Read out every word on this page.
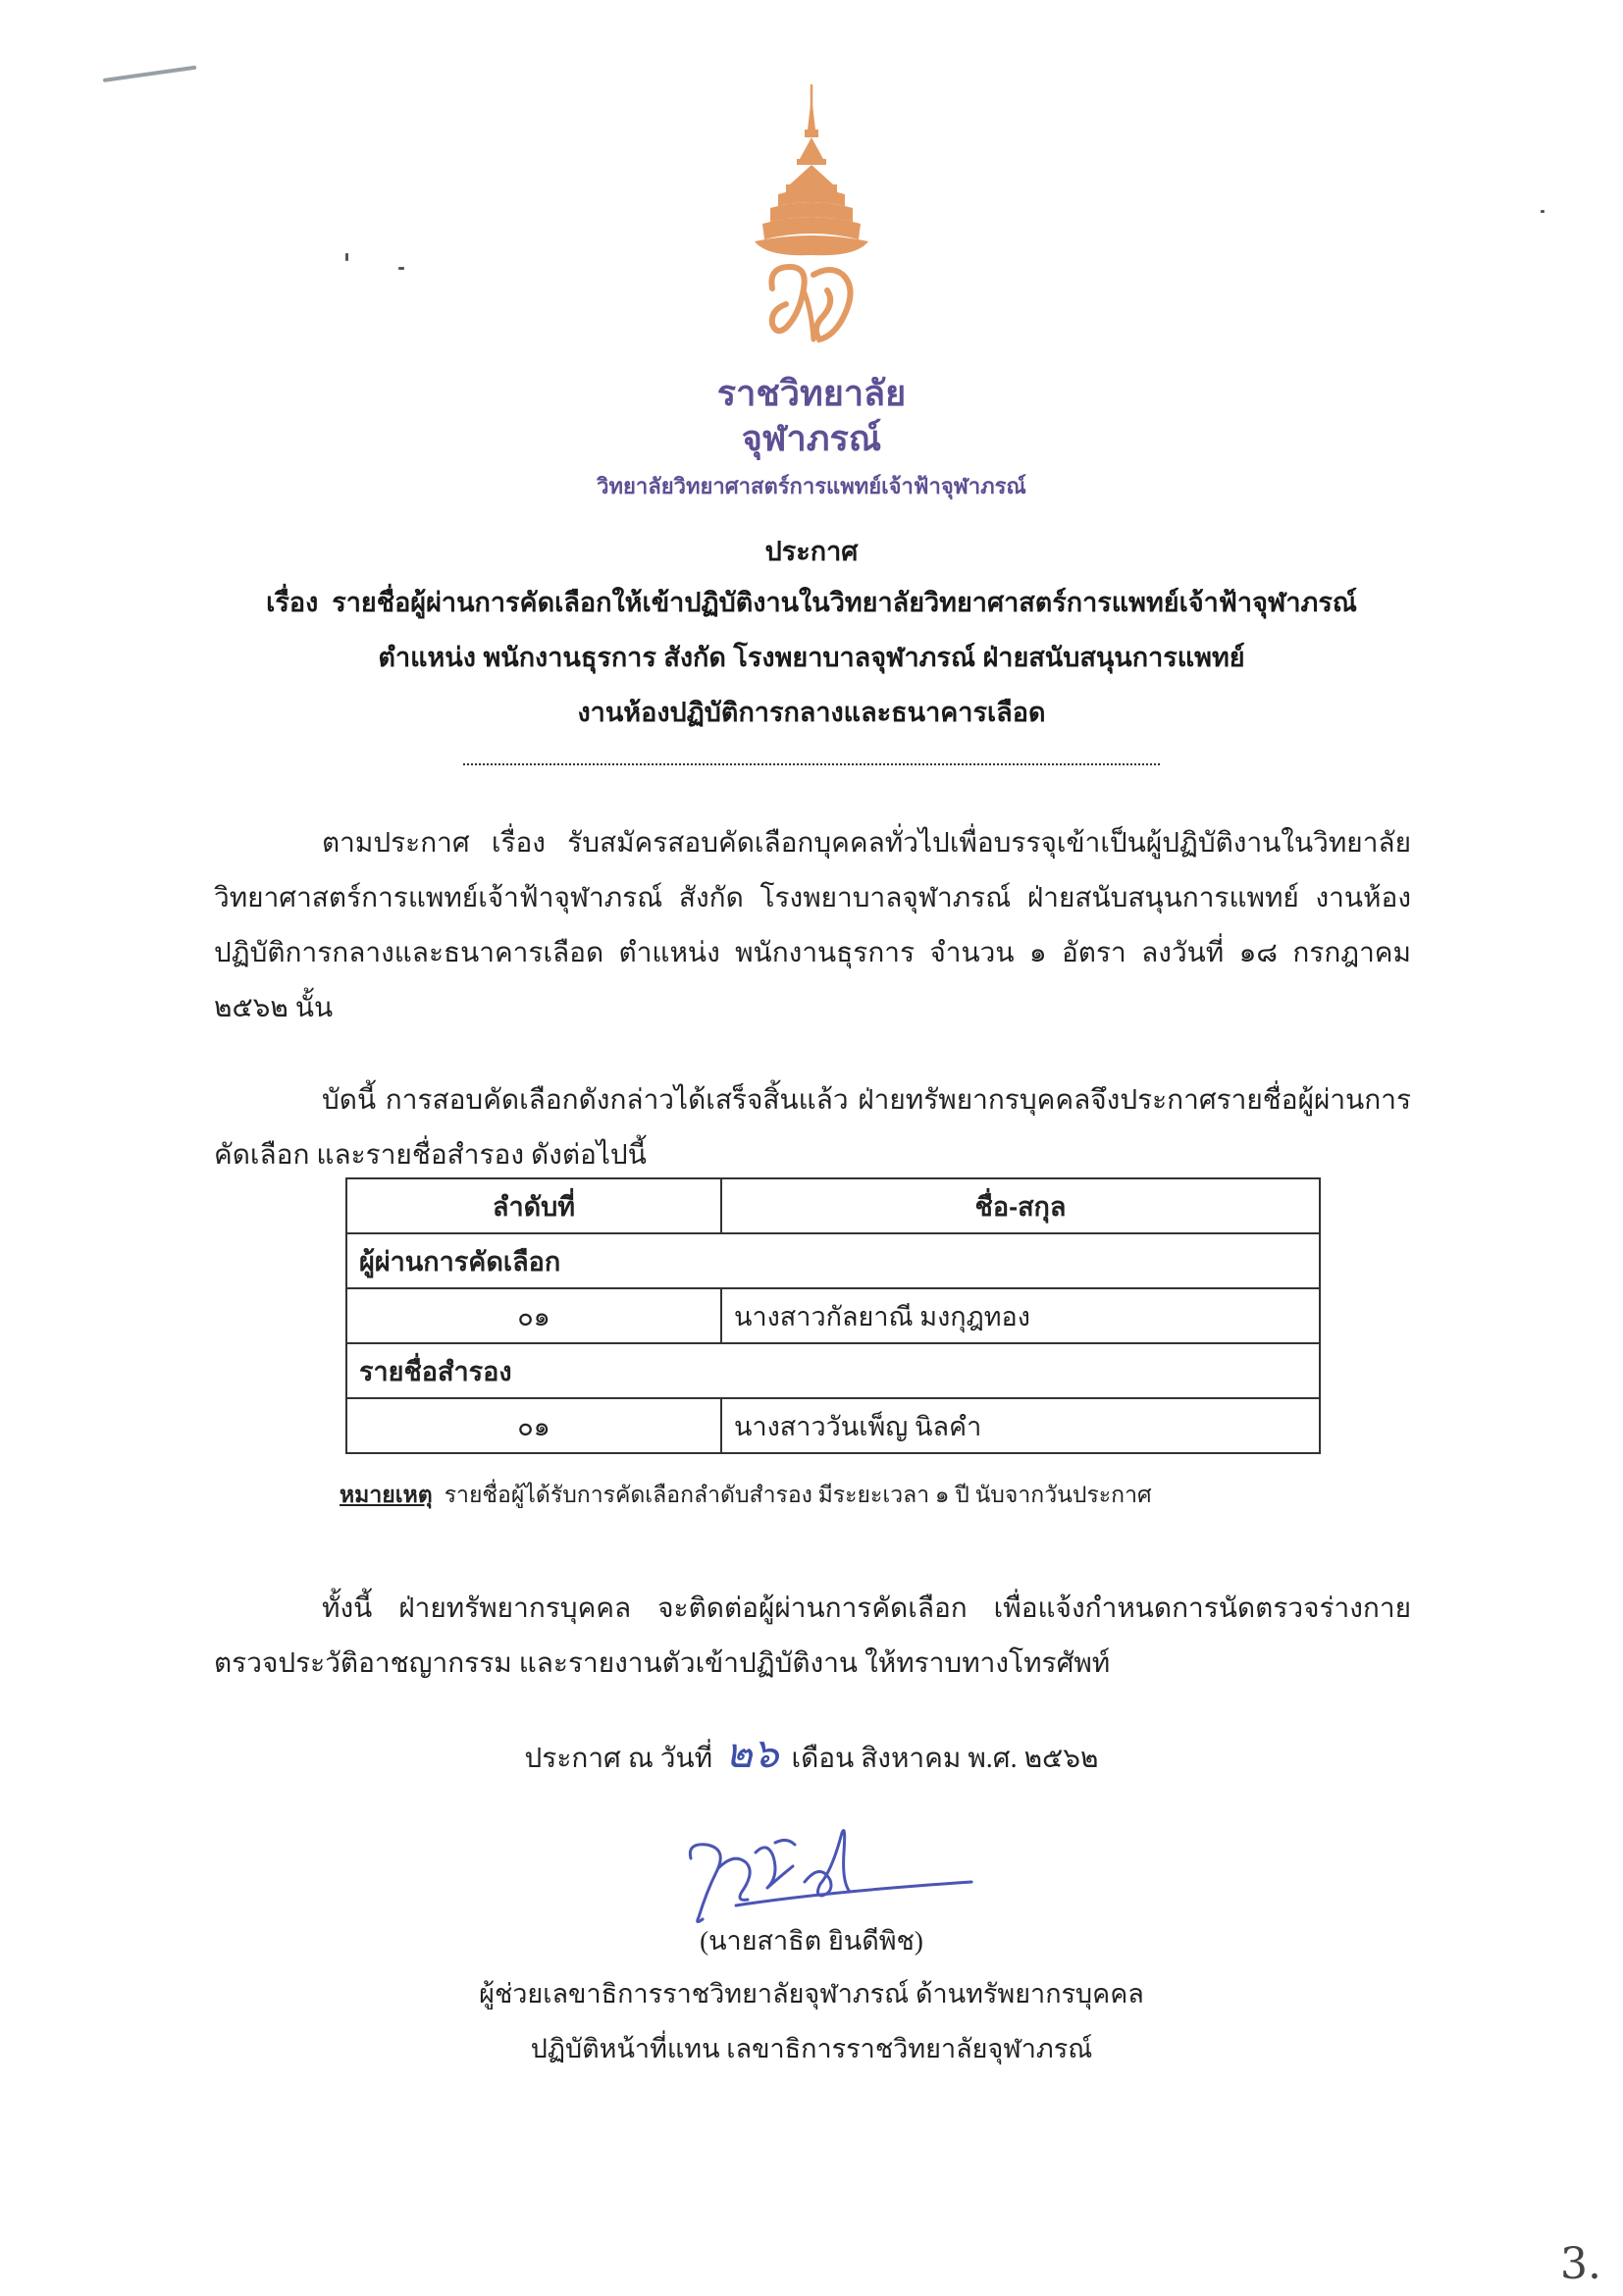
ราชวิทยาลัย
จุฬาภรณ์
วิทยาลัยวิทยาศาสตร์การแพทย์เจ้าฟ้าจุฬาภรณ์
ประกาศ
เรื่อง รายชื่อผู้ผ่านการคัดเลือกให้เข้าปฏิบัติงานในวิทยาลัยวิทยาศาสตร์การแพทย์เจ้าฟ้าจุฬาภรณ์
ตำแหน่ง พนักงานธุรการ สังกัด โรงพยาบาลจุฬาภรณ์ ฝ่ายสนับสนุนการแพทย์
งานห้องปฏิบัติการกลางและธนาคารเลือด

ตามประกาศ เรื่อง รับสมัครสอบคัดเลือกบุคคลทั่วไปเพื่อบรรจุเข้าเป็นผู้ปฏิบัติงานในวิทยาลัยวิทยาศาสตร์การแพทย์เจ้าฟ้าจุฬาภรณ์ สังกัด โรงพยาบาลจุฬาภรณ์ ฝ่ายสนับสนุนการแพทย์ งานห้องปฏิบัติการกลางและธนาคารเลือด ตำแหน่ง พนักงานธุรการ จำนวน ๑ อัตรา ลงวันที่ ๑๘ กรกฎาคม ๒๕๖๒ นั้น

บัดนี้ การสอบคัดเลือกดังกล่าวได้เสร็จสิ้นแล้ว ฝ่ายทรัพยากรบุคคลจึงประกาศรายชื่อผู้ผ่านการคัดเลือก และรายชื่อสำรอง ดังต่อไปนี้

ลำดับที่	ชื่อ-สกุล
ผู้ผ่านการคัดเลือก	
๐๑	นางสาวกัลยาณี มงกุฎทอง
รายชื่อสำรอง	
๐๑	นางสาววันเพ็ญ นิลคำ
หมายเหตุ รายชื่อผู้ได้รับการคัดเลือกลำดับสำรอง มีระยะเวลา ๑ ปี นับจากวันประกาศ

ทั้งนี้ ฝ่ายทรัพยากรบุคคล จะติดต่อผู้ผ่านการคัดเลือก เพื่อแจ้งกำหนดการนัดตรวจร่างกาย ตรวจประวัติอาชญากรรม และรายงานตัวเข้าปฏิบัติงาน ให้ทราบทางโทรศัพท์

ประกาศ ณ วันที่ ๒๖ เดือน สิงหาคม พ.ศ. ๒๕๖๒
(นายสาธิต ยินดีพิช)
ผู้ช่วยเลขาธิการราชวิทยาลัยจุฬาภรณ์ ด้านทรัพยากรบุคคล
ปฏิบัติหน้าที่แทน เลขาธิการราชวิทยาลัยจุฬาภรณ์
3.
